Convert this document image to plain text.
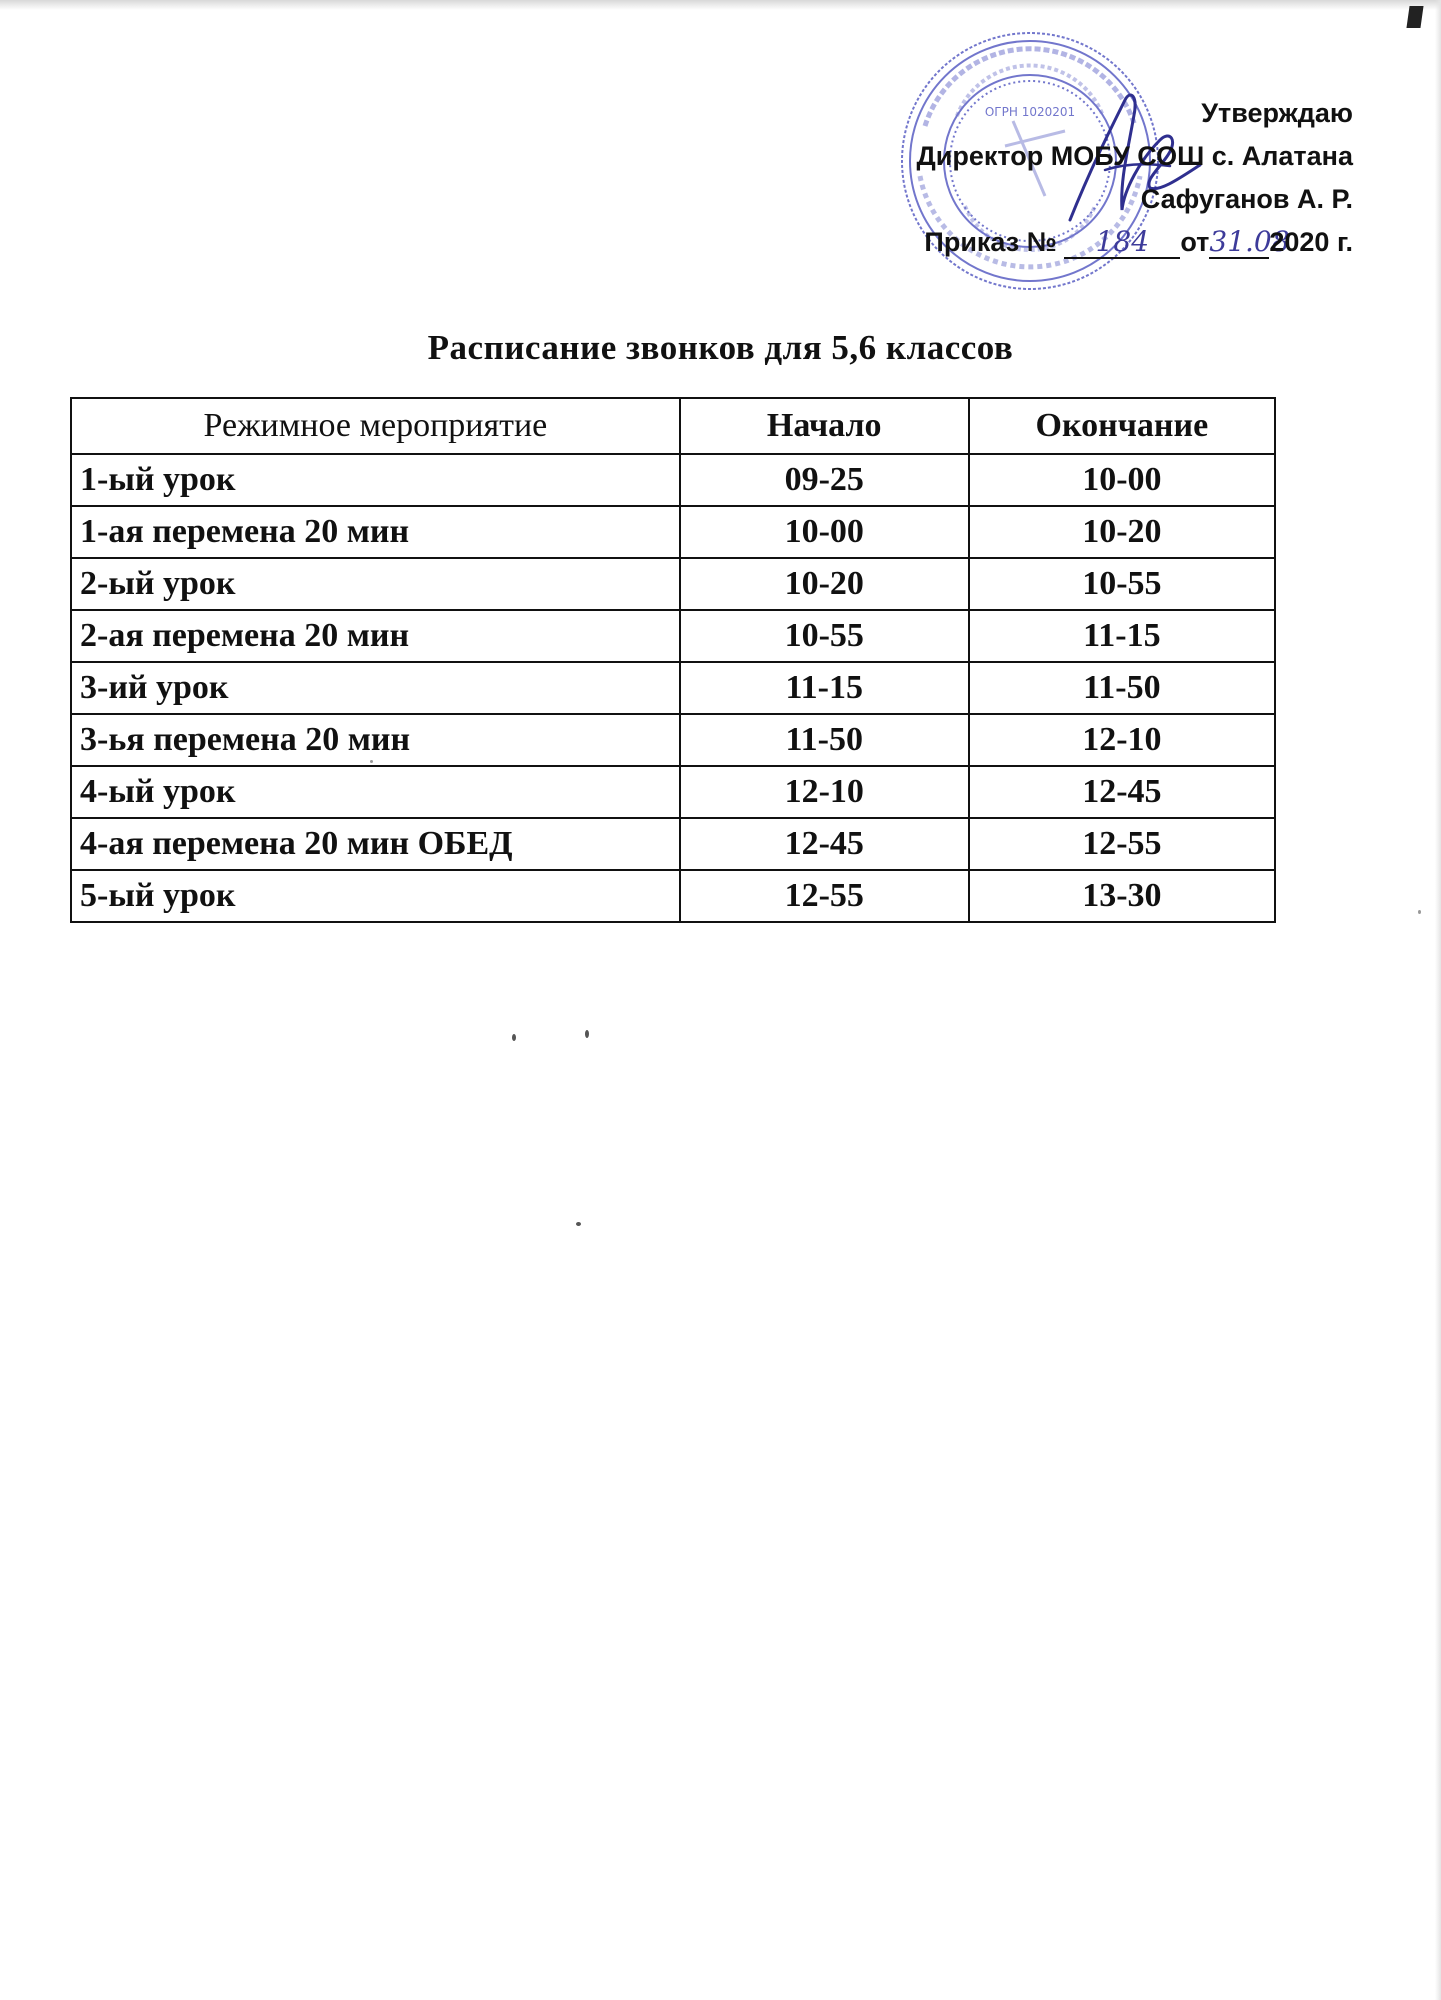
ОГРН 1020201	Утверждаю
Директор МОБУ СОШ с. Алатана
Сафуганов А. Р.
Приказ № 184 от31.082020 г.
Расписание звонков для 5,6 классов
Режимное мероприятие	Начало	Окончание
1-ый урок	09-25	10-00
1-ая перемена 20 мин	10-00	10-20
2-ый урок	10-20	10-55
2-ая перемена 20 мин	10-55	11-15
3-ий урок	11-15	11-50
3-ья перемена 20 мин	11-50	12-10
4-ый урок	12-10	12-45
4-ая перемена 20 мин ОБЕД	12-45	12-55
5-ый урок	12-55	13-30
